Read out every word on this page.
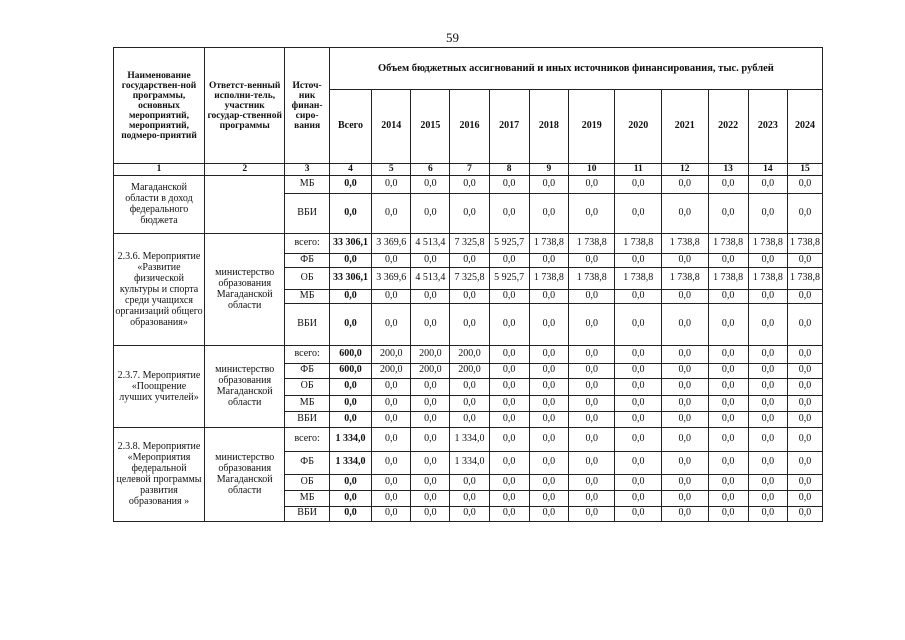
59
Наименование государствен-ной программы, основных мероприятий, мероприятий, подмеро-приятий	Ответст-венный исполни-тель, участник государ-ственной программы	Источ-ник финан-сиро-вания	Объем бюджетных ассигнований и иных источников финансирования, тыс. рублей											
			Всего	2014	2015	2016	2017	2018	2019	2020	2021	2022	2023	2024
1	2	3	4	5	6	7	8	9	10	11	12	13	14	15
Магаданской области в доход федерального бюджета		МБ	0,0	0,0	0,0	0,0	0,0	0,0	0,0	0,0	0,0	0,0	0,0	0,0
		ВБИ	0,0	0,0	0,0	0,0	0,0	0,0	0,0	0,0	0,0	0,0	0,0	0,0
2.3.6. Мероприятие «Развитие физической культуры и спорта среди учащихся организаций общего образования»	министерство образования Магаданской области	всего:	33 306,1	3 369,6	4 513,4	7 325,8	5 925,7	1 738,8	1 738,8	1 738,8	1 738,8	1 738,8	1 738,8	1 738,8
		ФБ	0,0	0,0	0,0	0,0	0,0	0,0	0,0	0,0	0,0	0,0	0,0	0,0
		ОБ	33 306,1	3 369,6	4 513,4	7 325,8	5 925,7	1 738,8	1 738,8	1 738,8	1 738,8	1 738,8	1 738,8	1 738,8
		МБ	0,0	0,0	0,0	0,0	0,0	0,0	0,0	0,0	0,0	0,0	0,0	0,0
		ВБИ	0,0	0,0	0,0	0,0	0,0	0,0	0,0	0,0	0,0	0,0	0,0	0,0
2.3.7. Мероприятие «Поощрение лучших учителей»	министерство образования Магаданской области	всего:	600,0	200,0	200,0	200,0	0,0	0,0	0,0	0,0	0,0	0,0	0,0	0,0
		ФБ	600,0	200,0	200,0	200,0	0,0	0,0	0,0	0,0	0,0	0,0	0,0	0,0
		ОБ	0,0	0,0	0,0	0,0	0,0	0,0	0,0	0,0	0,0	0,0	0,0	0,0
		МБ	0,0	0,0	0,0	0,0	0,0	0,0	0,0	0,0	0,0	0,0	0,0	0,0
		ВБИ	0,0	0,0	0,0	0,0	0,0	0,0	0,0	0,0	0,0	0,0	0,0	0,0
2.3.8. Мероприятие «Мероприятия федеральной целевой программы развития образования »	министерство образования Магаданской области	всего:	1 334,0	0,0	0,0	1 334,0	0,0	0,0	0,0	0,0	0,0	0,0	0,0	0,0
		ФБ	1 334,0	0,0	0,0	1 334,0	0,0	0,0	0,0	0,0	0,0	0,0	0,0	0,0
		ОБ	0,0	0,0	0,0	0,0	0,0	0,0	0,0	0,0	0,0	0,0	0,0	0,0
		МБ	0,0	0,0	0,0	0,0	0,0	0,0	0,0	0,0	0,0	0,0	0,0	0,0
		ВБИ	0,0	0,0	0,0	0,0	0,0	0,0	0,0	0,0	0,0	0,0	0,0	0,0
